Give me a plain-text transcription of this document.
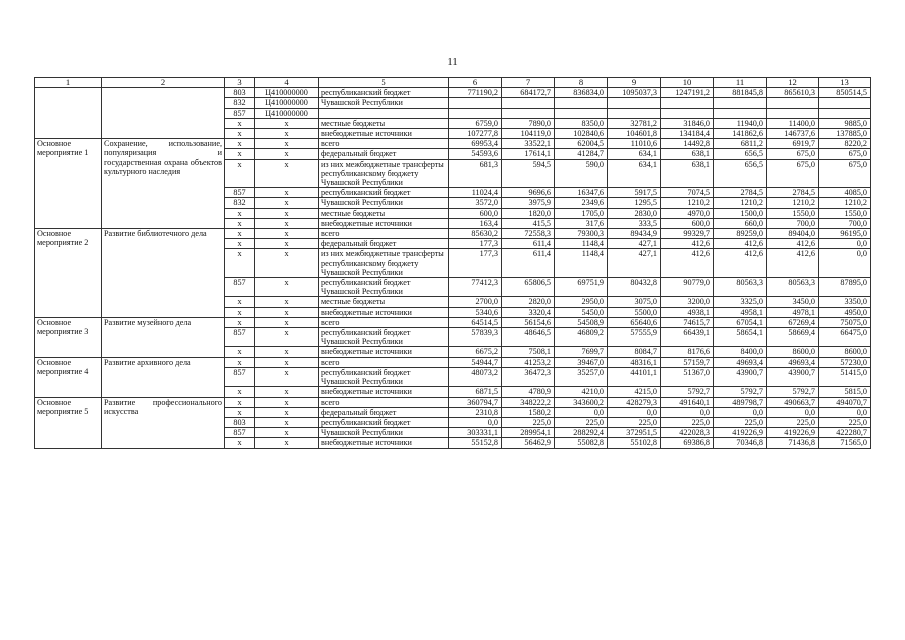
11
1	2	3	4	5	6	7	8	9	10	11	12	13
		803	Ц410000000	республиканский бюджет	771190,2	684172,7	836834,0	1095037,3	1247191,2	881845,8	865610,3	850514,5
		832	Ц410000000	Чувашской Республики								
		857	Ц410000000									
		x	x	местные бюджеты	6759,0	7890,0	8350,0	32781,2	31846,0	11940,0	11400,0	9885,0
		x	x	внебюджетные источники	107277,8	104119,0	102840,6	104601,8	134184,4	141862,6	146737,6	137885,0
Основное мероприятие 1	Сохранение, использование, популяризация и государственная охрана объектов культурного наследия	x	x	всего	69953,4	33522,1	62004,5	11010,6	14492,8	6811,2	6919,7	8220,2
		x	x	федеральный бюджет	54593,6	17614,1	41284,7	634,1	638,1	656,5	675,0	675,0
		x	x	из них межбюджетные трансферты республиканскому бюджету Чувашской Республики	681,3	594,5	590,0	634,1	638,1	656,5	675,0	675,0
		857	x	республиканский бюджет	11024,4	9696,6	16347,6	5917,5	7074,5	2784,5	2784,5	4085,0
		832	x	Чувашской Республики	3572,0	3975,9	2349,6	1295,5	1210,2	1210,2	1210,2	1210,2
		x	x	местные бюджеты	600,0	1820,0	1705,0	2830,0	4970,0	1500,0	1550,0	1550,0
		x	x	внебюджетные источники	163,4	415,5	317,6	333,5	600,0	660,0	700,0	700,0
Основное мероприятие 2	Развитие библиотечного дела	x	x	всего	85630,2	72558,3	79300,3	89434,9	99329,7	89259,0	89404,0	96195,0
		x	x	федеральный бюджет	177,3	611,4	1148,4	427,1	412,6	412,6	412,6	0,0
		x	x	из них межбюджетные трансферты республиканскому бюджету Чувашской Республики	177,3	611,4	1148,4	427,1	412,6	412,6	412,6	0,0
		857	x	республиканский бюджет Чувашской Республики	77412,3	65806,5	69751,9	80432,8	90779,0	80563,3	80563,3	87895,0
		x	x	местные бюджеты	2700,0	2820,0	2950,0	3075,0	3200,0	3325,0	3450,0	3350,0
		x	x	внебюджетные источники	5340,6	3320,4	5450,0	5500,0	4938,1	4958,1	4978,1	4950,0
Основное мероприятие 3	Развитие музейного дела	x	x	всего	64514,5	56154,6	54508,9	65640,6	74615,7	67054,1	67269,4	75075,0
		857	x	республиканский бюджет Чувашской Республики	57839,3	48646,5	46809,2	57555,9	66439,1	58654,1	58669,4	66475,0
		x	x	внебюджетные источники	6675,2	7508,1	7699,7	8084,7	8176,6	8400,0	8600,0	8600,0
Основное мероприятие 4	Развитие архивного дела	x	x	всего	54944,7	41253,2	39467,0	48316,1	57159,7	49693,4	49693,4	57230,0
		857	x	республиканский бюджет Чувашской Республики	48073,2	36472,3	35257,0	44101,1	51367,0	43900,7	43900,7	51415,0
		x	x	внебюджетные источники	6871,5	4780,9	4210,0	4215,0	5792,7	5792,7	5792,7	5815,0
Основное мероприятие 5	Развитие профессионального искусства	x	x	всего	360794,7	348222,2	343600,2	428279,3	491640,1	489798,7	490663,7	494070,7
		x	x	федеральный бюджет	2310,8	1580,2	0,0	0,0	0,0	0,0	0,0	0,0
		803	x	республиканский бюджет	0,0	225,0	225,0	225,0	225,0	225,0	225,0	225,0
		857	x	Чувашской Республики	303331,1	289954,1	288292,4	372951,5	422028,3	419226,9	419226,9	422280,7
		x	x	внебюджетные источники	55152,8	56462,9	55082,8	55102,8	69386,8	70346,8	71436,8	71565,0
